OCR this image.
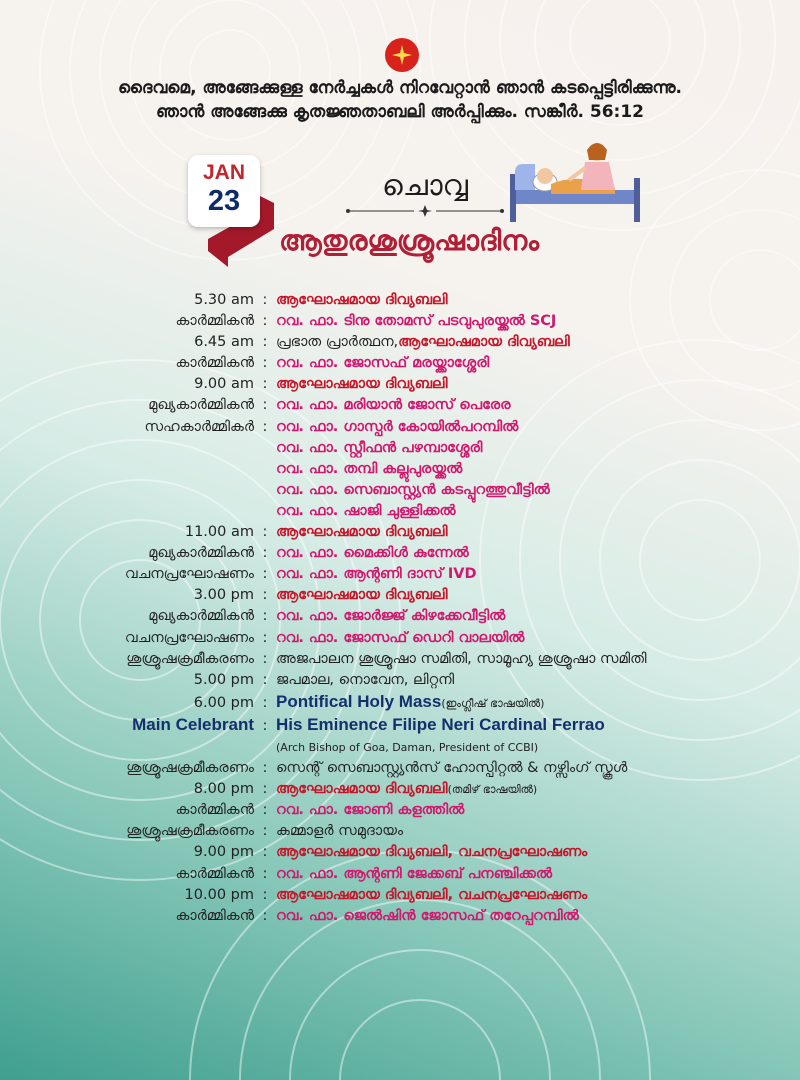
ദൈവമെ, അങ്ങേക്കുള്ള നേർച്ചകൾ നിറവേറ്റാൻ ഞാൻ കടപ്പെട്ടിരിക്കുന്നു.
ഞാൻ അങ്ങേക്കു കൃതജ്ഞതാബലി അർപ്പിക്കും. സങ്കീർ. 56:12
JAN
23	ചൊവ്വ
ആതുരശുശ്രൂഷാദിനം
5.30 am : ആഘോഷമായ ദിവ്യബലി
കാർമ്മികൻ : റവ. ഫാ. ടിനു തോമസ് പടവുപുരയ്ക്കൽ SCJ
6.45 am : പ്രഭാത പ്രാർത്ഥന, ആഘോഷമായ ദിവ്യബലി
കാർമ്മികൻ : റവ. ഫാ. ജോസഫ് മരയ്ക്കാശ്ശേരി
9.00 am : ആഘോഷമായ ദിവ്യബലി
മുഖ്യകാർമ്മികൻ : റവ. ഫാ. മരിയാൻ ജോസ് പെരേര
സഹകാർമ്മികർ : റവ. ഫാ. ഗാസ്പർ കോയിൽപറമ്പിൽ
റവ. ഫാ. സ്റ്റീഫൻ പഴമ്പാശ്ശേരി
റവ. ഫാ. തമ്പി കല്ലുപുരയ്ക്കൽ
റവ. ഫാ. സെബാസ്റ്റ്യൻ കടപ്പുറത്തുവീട്ടിൽ
റവ. ഫാ. ഷാജി ചുള്ളിക്കൽ
11.00 am : ആഘോഷമായ ദിവ്യബലി
മുഖ്യകാർമ്മികൻ : റവ. ഫാ. മൈക്കിൾ കുന്നേൽ
വചനപ്രഘോഷണം : റവ. ഫാ. ആന്റണി ദാസ് IVD
3.00 pm : ആഘോഷമായ ദിവ്യബലി
മുഖ്യകാർമ്മികൻ : റവ. ഫാ. ജോർജ്ജ് കിഴക്കേവീട്ടിൽ
വചനപ്രഘോഷണം : റവ. ഫാ. ജോസഫ് ഡെറി വാലയിൽ
ശുശ്രൂഷക്രമീകരണം : അജപാലന ശുശ്രൂഷാ സമിതി, സാമൂഹ്യ ശുശ്രൂഷാ സമിതി
5.00 pm : ജപമാല, നൊവേന, ലിറ്റനി
6.00 pm : Pontifical Holy Mass (ഇംഗ്ലീഷ് ഭാഷയിൽ)
Main Celebrant : His Eminence Filipe Neri Cardinal Ferrao
(Arch Bishop of Goa, Daman, President of CCBI)
ശുശ്രൂഷക്രമീകരണം : സെന്റ് സെബാസ്റ്റ്യൻസ് ഹോസ്പിറ്റൽ & നഴ്സിംഗ് സ്കൂൾ
8.00 pm : ആഘോഷമായ ദിവ്യബലി (തമിഴ് ഭാഷയിൽ)
കാർമ്മികൻ : റവ. ഫാ. ജോണി കളത്തിൽ
ശുശ്രൂഷക്രമീകരണം : കമ്മാളർ സമുദായം
9.00 pm : ആഘോഷമായ ദിവ്യബലി, വചനപ്രഘോഷണം
കാർമ്മികൻ : റവ. ഫാ. ആന്റണി ജേക്കബ് പനഞ്ചിക്കൽ
10.00 pm : ആഘോഷമായ ദിവ്യബലി, വചനപ്രഘോഷണം
കാർമ്മികൻ : റവ. ഫാ. ജെൽഷിൻ ജോസഫ് തറേപ്പറമ്പിൽ
